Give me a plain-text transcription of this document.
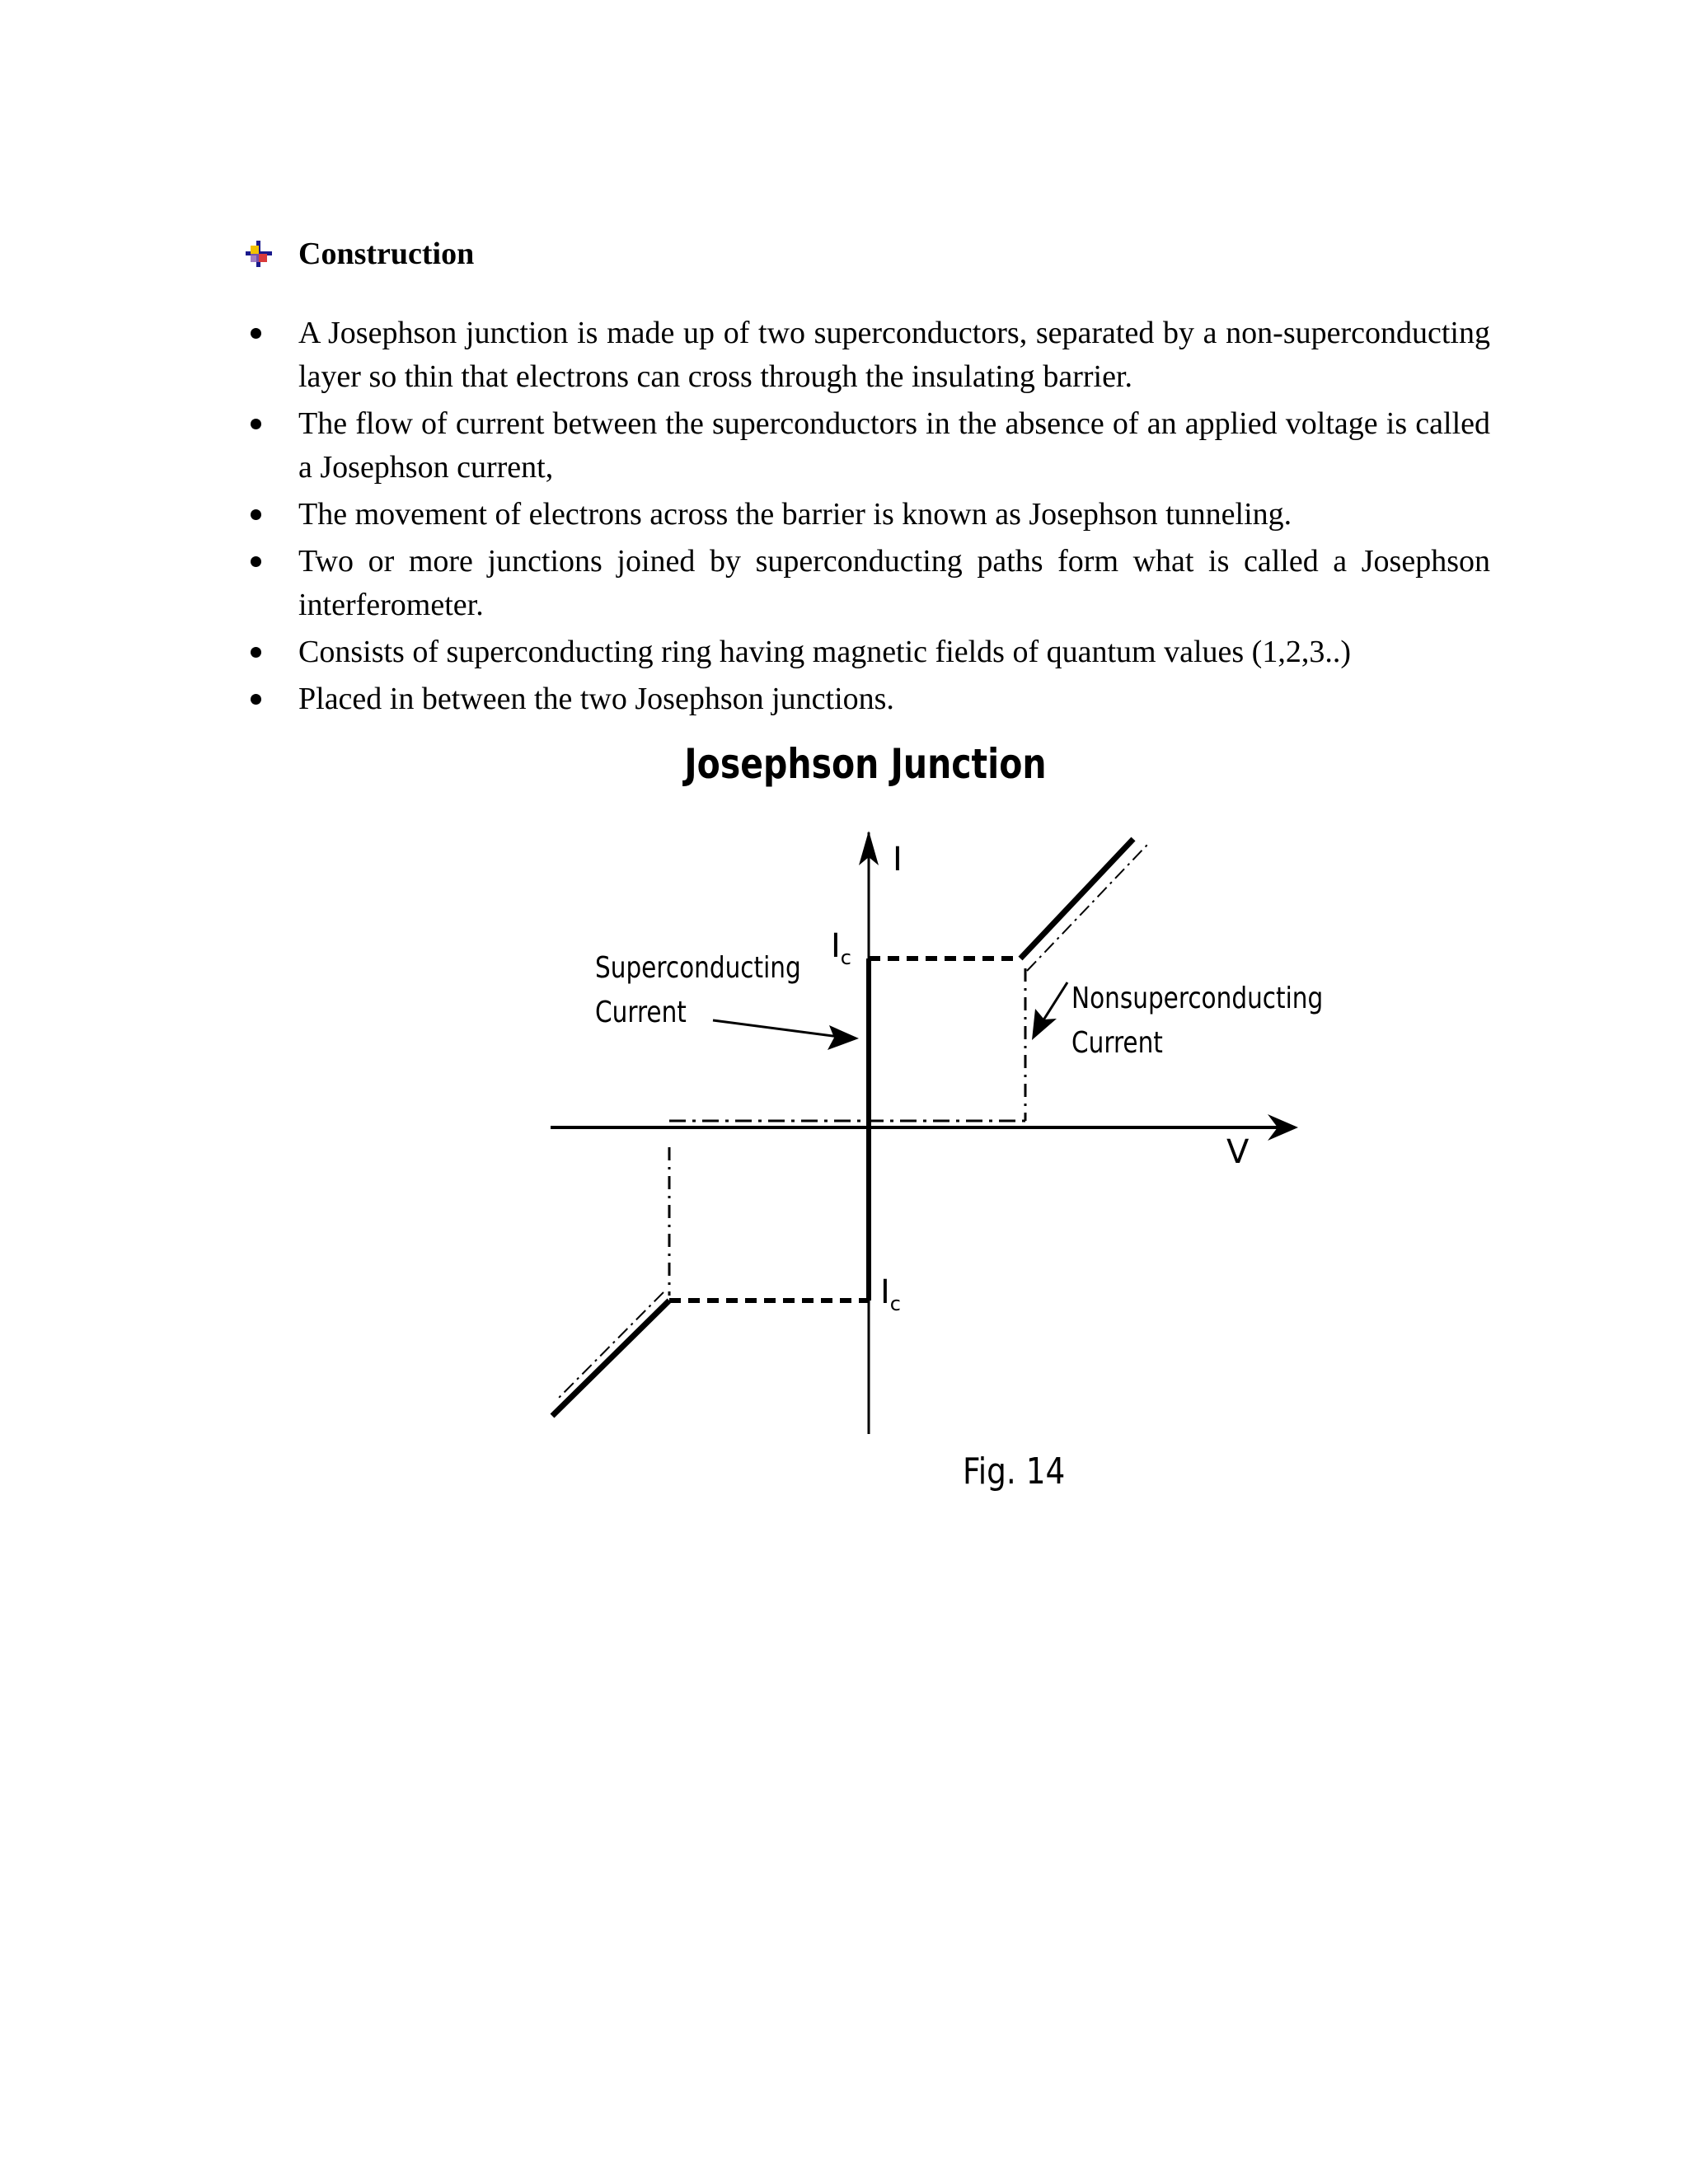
Construction
A Josephson junction is made up of two superconductors, separated by a non-superconducting layer so thin that electrons can cross through the insulating barrier.
The flow of current between the superconductors in the absence of an applied voltage is called a Josephson current,
The movement of electrons across the barrier is known as Josephson tunneling.
Two or more junctions joined by superconducting paths form what is called a Josephson interferometer.
Consists of superconducting ring having magnetic fields of quantum values (1,2,3..)
Placed in between the two Josephson junctions.
Josephson Junction
I
V
$I_c$
$I_c$
Superconducting
Current	Nonsuperconducting
Current
Fig. 14
